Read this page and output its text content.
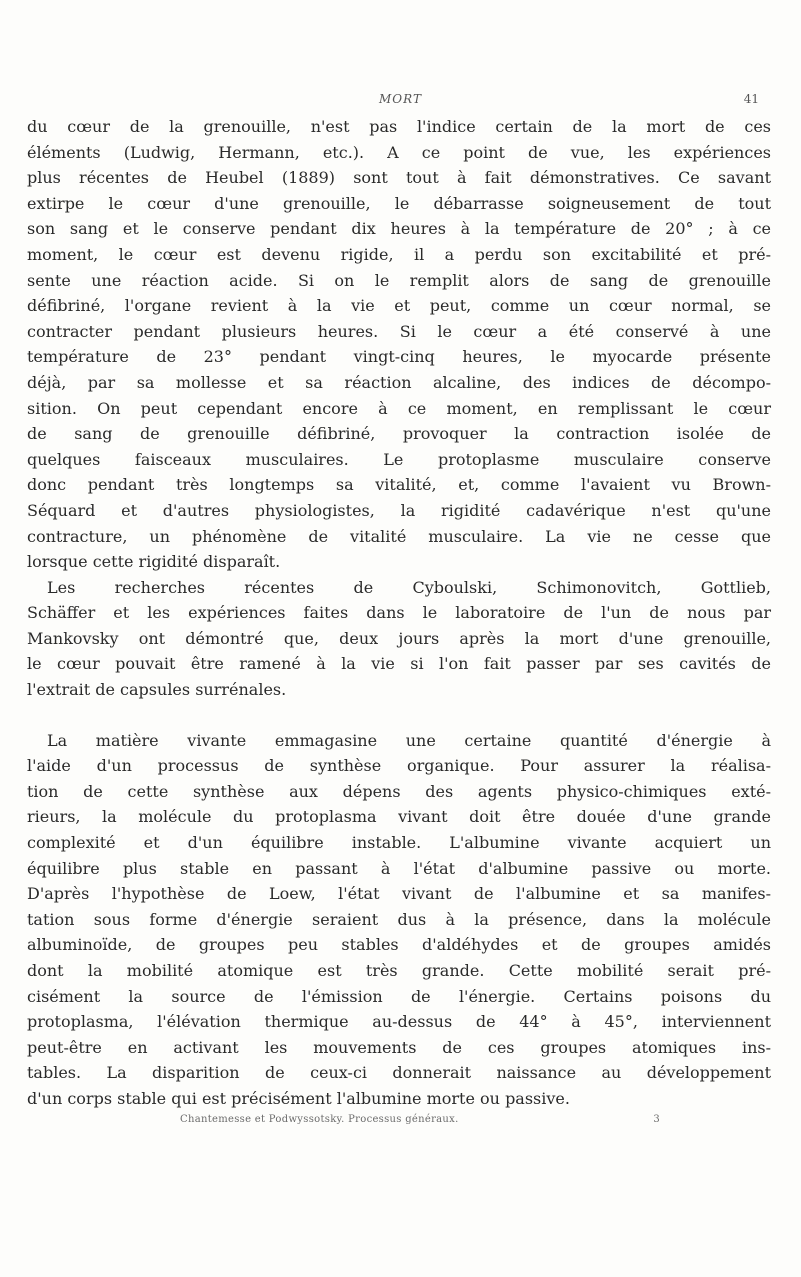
MORT	41
du cœur de la grenouille, n'est pas l'indice certain de la mort de ces
éléments (Ludwig, Hermann, etc.). A ce point de vue, les expériences
plus récentes de Heubel (1889) sont tout à fait démonstratives. Ce savant
extirpe le cœur d'une grenouille, le débarrasse soigneusement de tout
son sang et le conserve pendant dix heures à la température de 20° ; à ce
moment, le cœur est devenu rigide, il a perdu son excitabilité et pré-
sente une réaction acide. Si on le remplit alors de sang de grenouille
défibriné, l'organe revient à la vie et peut, comme un cœur normal, se
contracter pendant plusieurs heures. Si le cœur a été conservé à une
température de 23° pendant vingt-cinq heures, le myocarde présente
déjà, par sa mollesse et sa réaction alcaline, des indices de décompo-
sition. On peut cependant encore à ce moment, en remplissant le cœur
de sang de grenouille défibriné, provoquer la contraction isolée de
quelques faisceaux musculaires. Le protoplasme musculaire conserve
donc pendant très longtemps sa vitalité, et, comme l'avaient vu Brown-
Séquard et d'autres physiologistes, la rigidité cadavérique n'est qu'une
contracture, un phénomène de vitalité musculaire. La vie ne cesse que
lorsque cette rigidité disparaît.
Les recherches récentes de Cyboulski, Schimonovitch, Gottlieb,
Schäffer et les expériences faites dans le laboratoire de l'un de nous par
Mankovsky ont démontré que, deux jours après la mort d'une grenouille,
le cœur pouvait être ramené à la vie si l'on fait passer par ses cavités de
l'extrait de capsules surrénales.
La matière vivante emmagasine une certaine quantité d'énergie à
l'aide d'un processus de synthèse organique. Pour assurer la réalisa-
tion de cette synthèse aux dépens des agents physico-chimiques exté-
rieurs, la molécule du protoplasma vivant doit être douée d'une grande
complexité et d'un équilibre instable. L'albumine vivante acquiert un
équilibre plus stable en passant à l'état d'albumine passive ou morte.
D'après l'hypothèse de Loew, l'état vivant de l'albumine et sa manifes-
tation sous forme d'énergie seraient dus à la présence, dans la molécule
albuminoïde, de groupes peu stables d'aldéhydes et de groupes amidés
dont la mobilité atomique est très grande. Cette mobilité serait pré-
cisément la source de l'émission de l'énergie. Certains poisons du
protoplasma, l'élévation thermique au-dessus de 44° à 45°, interviennent
peut-être en activant les mouvements de ces groupes atomiques ins-
tables. La disparition de ceux-ci donnerait naissance au développement
d'un corps stable qui est précisément l'albumine morte ou passive.
Chantemesse et Podwyssotsky. Processus généraux.	3
